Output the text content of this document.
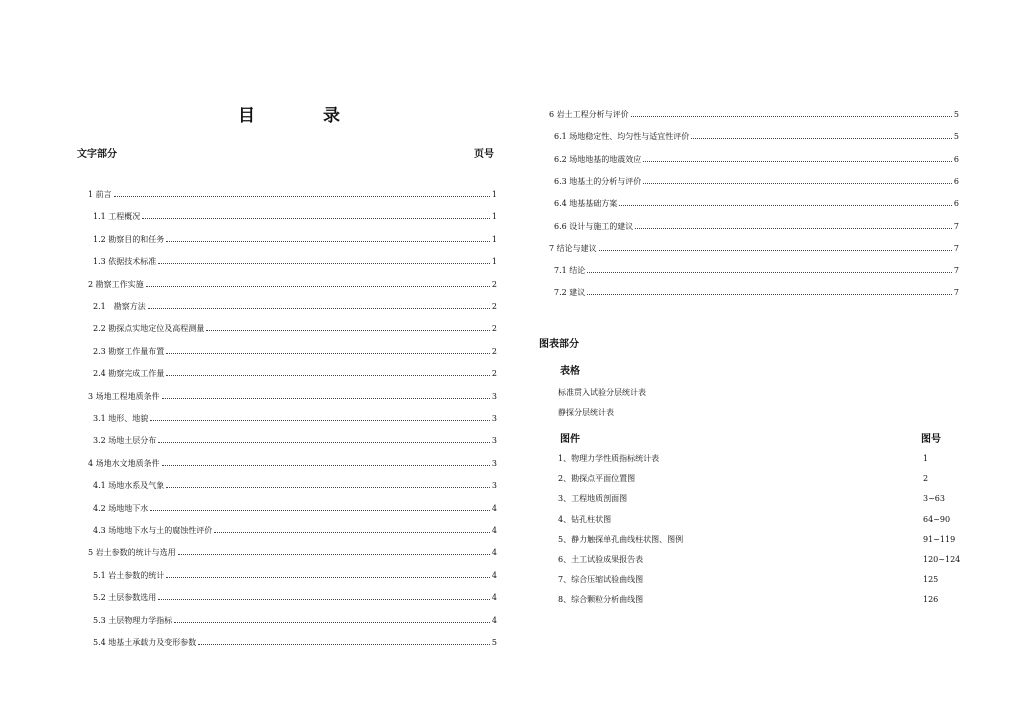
目	录
文字部分	页号
1 前言	1
1.1 工程概况	1
1.2 勘察目的和任务	1
1.3 依据技术标准	1
2 勘察工作实施	2
2.1　勘察方法	2
2.2 勘探点实地定位及高程测量	2
2.3 勘察工作量布置	2
2.4 勘察完成工作量	2
3 场地工程地质条件	3
3.1 地形、地貌	3
3.2 场地土层分布	3
4 场地水文地质条件	3
4.1 场地水系及气象	3
4.2 场地地下水	4
4.3 场地地下水与土的腐蚀性评价	4
5 岩土参数的统计与选用	4
5.1 岩土参数的统计	4
5.2 土层参数选用	4
5.3 土层物理力学指标	4
5.4 地基土承载力及变形参数	5
6 岩土工程分析与评价	5
6.1 场地稳定性、均匀性与适宜性评价	5
6.2 场地地基的地震效应	6
6.3 地基土的分析与评价	6
6.4 地基基础方案	6
6.6 设计与施工的建议	7
7 结论与建议	7
7.1 结论	7
7.2 建议	7
图表部分
表格
标准贯入试验分层统计表
静探分层统计表
图件	图号
1、物理力学性质指标统计表	1
2、勘探点平面位置图	2
3、工程地质剖面图	3~63
4、钻孔柱状图	64~90
5、静力触探单孔曲线柱状图、图例	91~119
6、土工试验成果报告表	120~124
7、综合压缩试验曲线图	125
8、综合颗粒分析曲线图	126
